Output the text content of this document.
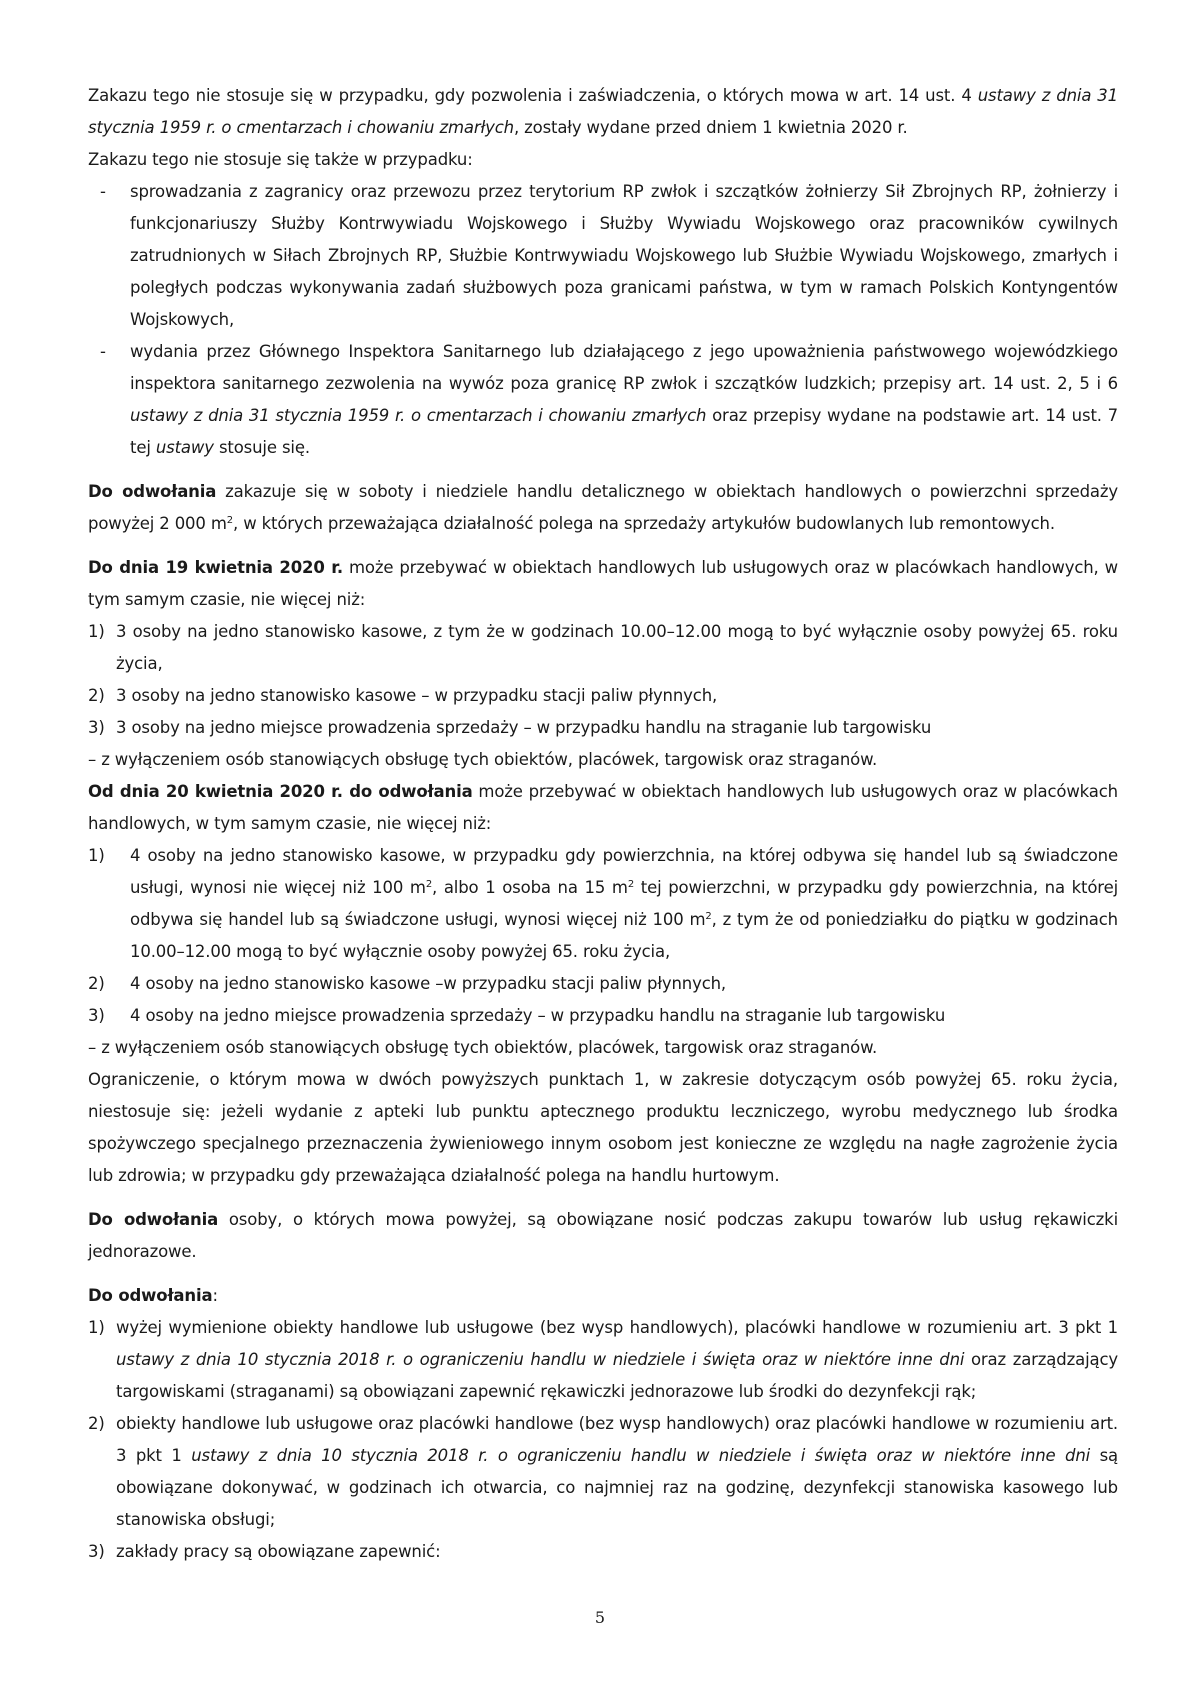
Zakazu tego nie stosuje się w przypadku, gdy pozwolenia i zaświadczenia, o których mowa w art. 14 ust. 4 ustawy z dnia 31 stycznia 1959 r. o cmentarzach i chowaniu zmarłych, zostały wydane przed dniem 1 kwietnia 2020 r.

Zakazu tego nie stosuje się także w przypadku:

- sprowadzania z zagranicy oraz przewozu przez terytorium RP zwłok i szczątków żołnierzy Sił Zbrojnych RP, żołnierzy i funkcjonariuszy Służby Kontrwywiadu Wojskowego i Służby Wywiadu Wojskowego oraz pracowników cywilnych zatrudnionych w Siłach Zbrojnych RP, Służbie Kontrwywiadu Wojskowego lub Służbie Wywiadu Wojskowego, zmarłych i poległych podczas wykonywania zadań służbowych poza granicami państwa, w tym w ramach Polskich Kontyngentów Wojskowych,
- wydania przez Głównego Inspektora Sanitarnego lub działającego z jego upoważnienia państwowego wojewódzkiego inspektora sanitarnego zezwolenia na wywóz poza granicę RP zwłok i szczątków ludzkich; przepisy art. 14 ust. 2, 5 i 6 ustawy z dnia 31 stycznia 1959 r. o cmentarzach i chowaniu zmarłych oraz przepisy wydane na podstawie art. 14 ust. 7 tej ustawy stosuje się.

Do odwołania zakazuje się w soboty i niedziele handlu detalicznego w obiektach handlowych o powierzchni sprzedaży powyżej 2 000 $m^2$, w których przeważająca działalność polega na sprzedaży artykułów budowlanych lub remontowych.

Do dnia 19 kwietnia 2020 r. może przebywać w obiektach handlowych lub usługowych oraz w placówkach handlowych, w tym samym czasie, nie więcej niż:

1) 3 osoby na jedno stanowisko kasowe, z tym że w godzinach 10.00–12.00 mogą to być wyłącznie osoby powyżej 65. roku życia,
2) 3 osoby na jedno stanowisko kasowe – w przypadku stacji paliw płynnych,
3) 3 osoby na jedno miejsce prowadzenia sprzedaży – w przypadku handlu na straganie lub targowisku

– z wyłączeniem osób stanowiących obsługę tych obiektów, placówek, targowisk oraz straganów.

Od dnia 20 kwietnia 2020 r. do odwołania może przebywać w obiektach handlowych lub usługowych oraz w placówkach handlowych, w tym samym czasie, nie więcej niż:

1) 4 osoby na jedno stanowisko kasowe, w przypadku gdy powierzchnia, na której odbywa się handel lub są świadczone usługi, wynosi nie więcej niż 100 $m^2$, albo 1 osoba na 15 $m^2$ tej powierzchni, w przypadku gdy powierzchnia, na której odbywa się handel lub są świadczone usługi, wynosi więcej niż 100 $m^2$, z tym że od poniedziałku do piątku w godzinach 10.00–12.00 mogą to być wyłącznie osoby powyżej 65. roku życia,
2) 4 osoby na jedno stanowisko kasowe –w przypadku stacji paliw płynnych,
3) 4 osoby na jedno miejsce prowadzenia sprzedaży – w przypadku handlu na straganie lub targowisku

– z wyłączeniem osób stanowiących obsługę tych obiektów, placówek, targowisk oraz straganów.

Ograniczenie, o którym mowa w dwóch powyższych punktach 1, w zakresie dotyczącym osób powyżej 65. roku życia, niestosuje się: jeżeli wydanie z apteki lub punktu aptecznego produktu leczniczego, wyrobu medycznego lub środka spożywczego specjalnego przeznaczenia żywieniowego innym osobom jest konieczne ze względu na nagłe zagrożenie życia lub zdrowia; w przypadku gdy przeważająca działalność polega na handlu hurtowym.

Do odwołania osoby, o których mowa powyżej, są obowiązane nosić podczas zakupu towarów lub usług rękawiczki jednorazowe.

Do odwołania:

1) wyżej wymienione obiekty handlowe lub usługowe (bez wysp handlowych), placówki handlowe w rozumieniu art. 3 pkt 1 ustawy z dnia 10 stycznia 2018 r. o ograniczeniu handlu w niedziele i święta oraz w niektóre inne dni oraz zarządzający targowiskami (straganami) są obowiązani zapewnić rękawiczki jednorazowe lub środki do dezynfekcji rąk;
2) obiekty handlowe lub usługowe oraz placówki handlowe (bez wysp handlowych) oraz placówki handlowe w rozumieniu art. 3 pkt 1 ustawy z dnia 10 stycznia 2018 r. o ograniczeniu handlu w niedziele i święta oraz w niektóre inne dni są obowiązane dokonywać, w godzinach ich otwarcia, co najmniej raz na godzinę, dezynfekcji stanowiska kasowego lub stanowiska obsługi;
3) zakłady pracy są obowiązane zapewnić:
5
